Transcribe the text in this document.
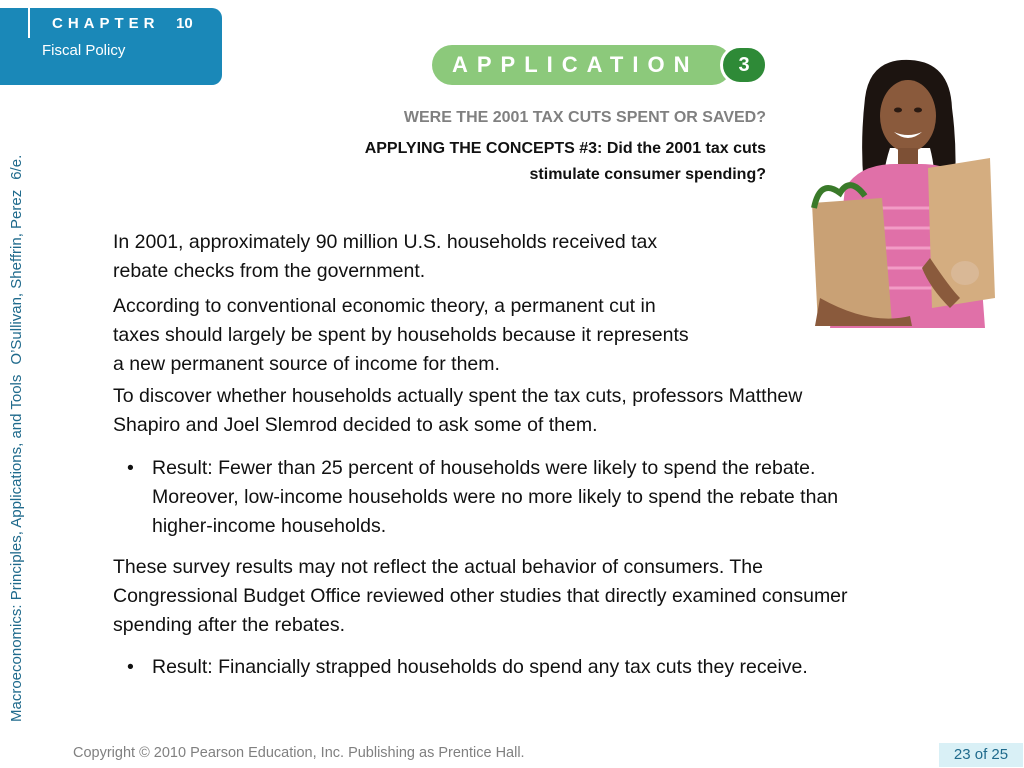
CHAPTER 10
Fiscal Policy
Macroeconomics: Principles, Applications, and Tools
O’Sullivan, Sheffrin, Perez
6/e.
APPLICATION	3
WERE THE 2001 TAX CUTS SPENT OR SAVED?
APPLYING THE CONCEPTS #3: Did the 2001 tax cuts
stimulate consumer spending?
In 2001, approximately 90 million U.S. households received tax
rebate checks from the government.
According to conventional economic theory, a permanent cut in
taxes should largely be spent by households because it represents
a new permanent source of income for them.
To discover whether households actually spent the tax cuts, professors Matthew
Shapiro and Joel Slemrod decided to ask some of them.
• Result: Fewer than 25 percent of households were likely to spend the rebate.
Moreover, low-income households were no more likely to spend the rebate than
higher-income households.
These survey results may not reflect the actual behavior of consumers. The
Congressional Budget Office reviewed other studies that directly examined consumer
spending after the rebates.
• Result: Financially strapped households do spend any tax cuts they receive.
Copyright © 2010 Pearson Education, Inc. Publishing as Prentice Hall.	23 of 25
